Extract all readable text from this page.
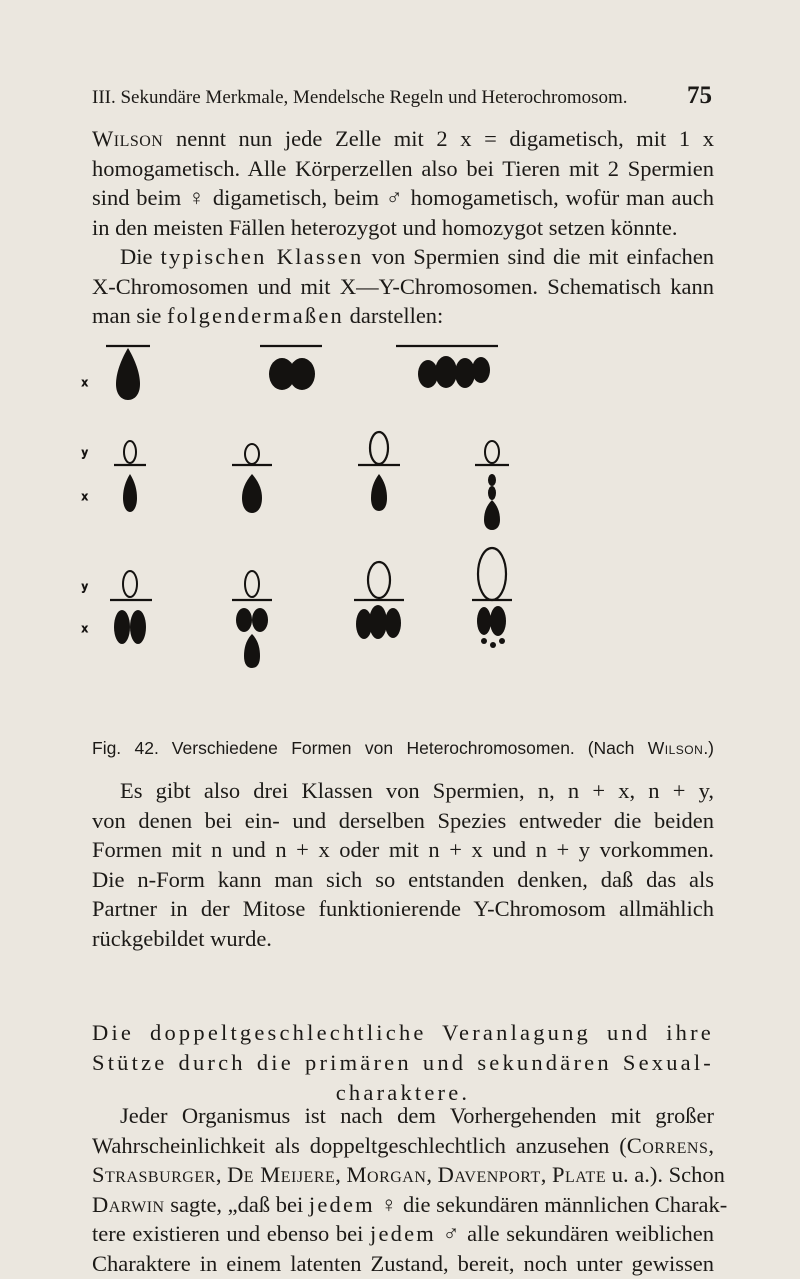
III. Sekundäre Merkmale, Mendelsche Regeln und Heterochromosom. 75
Wilson nennt nun jede Zelle mit 2 x = digametisch, mit 1 x
homogametisch. Alle Körperzellen also bei Tieren mit 2 Spermien
sind beim ♀ digametisch, beim ♂ homogametisch, wofür man auch
in den meisten Fällen heterozygot und homozygot setzen könnte.
Die typischen Klassen von Spermien sind die mit einfachen
X-Chromosomen und mit X—Y-Chromosomen. Schematisch kann
man sie folgendermaßen darstellen:
x
y
x
y
x
Fig. 42. Verschiedene Formen von Heterochromosomen. (Nach Wilson.)
Es gibt also drei Klassen von Spermien, n, n + x, n + y,
von denen bei ein- und derselben Spezies entweder die beiden
Formen mit n und n + x oder mit n + x und n + y vorkommen.
Die n-Form kann man sich so entstanden denken, daß das als
Partner in der Mitose funktionierende Y-Chromosom allmählich
rückgebildet wurde.
Die doppeltgeschlechtliche Veranlagung und ihre
Stütze durch die primären und sekundären Sexual-
charaktere.
Jeder Organismus ist nach dem Vorhergehenden mit großer
Wahrscheinlichkeit als doppeltgeschlechtlich anzusehen (Correns,
Strasburger, De Meijere, Morgan, Davenport, Plate u. a.). Schon
Darwin sagte, „daß bei jedem ♀ die sekundären männlichen Charak-
tere existieren und ebenso bei jedem ♂ alle sekundären weiblichen
Charaktere in einem latenten Zustand, bereit, noch unter gewissen
